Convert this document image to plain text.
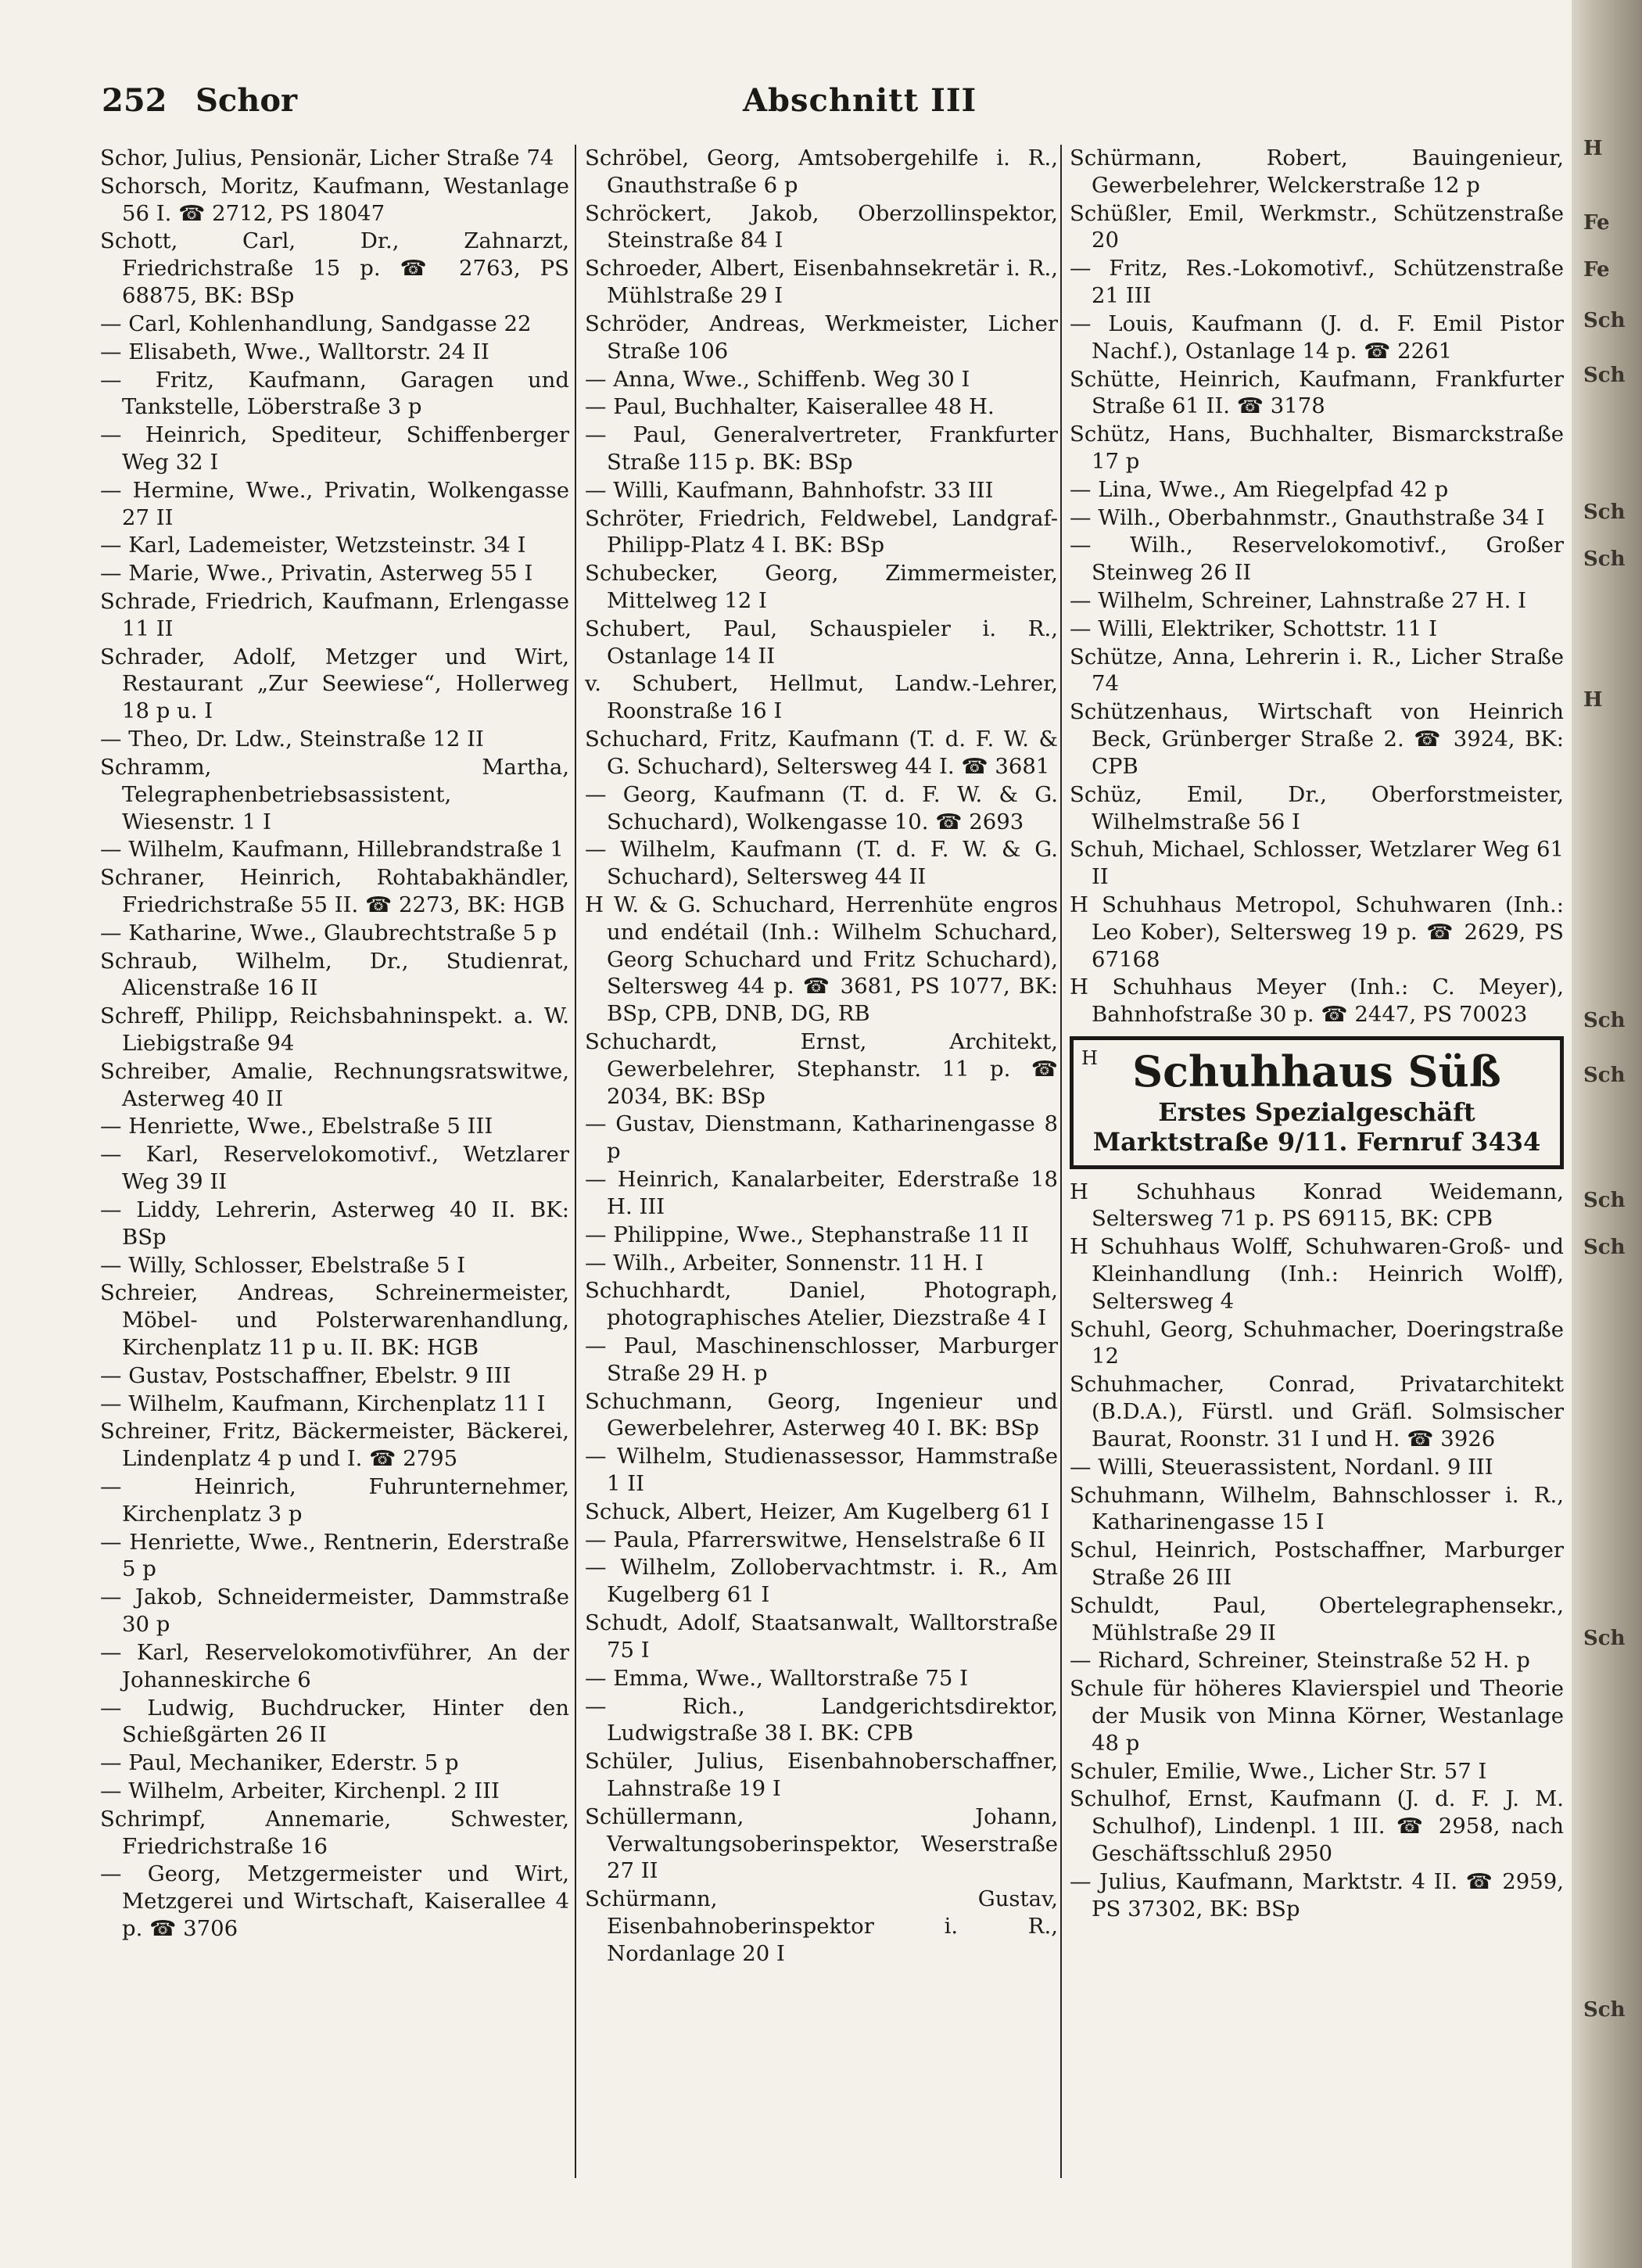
252 Schor	Abschnitt III
Schor, Julius, Pensionär, Licher Straße 74
Schorsch, Moritz, Kaufmann, Westanlage 56 I. ☎ 2712, PS 18047
Schott, Carl, Dr., Zahnarzt, Friedrichstraße 15 p. ☎ 2763, PS 68875, BK: BSp
— Carl, Kohlenhandlung, Sandgasse 22
— Elisabeth, Wwe., Walltorstr. 24 II
— Fritz, Kaufmann, Garagen und Tankstelle, Löberstraße 3 p
— Heinrich, Spediteur, Schiffenberger Weg 32 I
— Hermine, Wwe., Privatin, Wolkengasse 27 II
— Karl, Lademeister, Wetzsteinstr. 34 I
— Marie, Wwe., Privatin, Asterweg 55 I
Schrade, Friedrich, Kaufmann, Erlengasse 11 II
Schrader, Adolf, Metzger und Wirt, Restaurant „Zur Seewiese“, Hollerweg 18 p u. I
— Theo, Dr. Ldw., Steinstraße 12 II
Schramm, Martha, Telegraphenbetriebsassistent, Wiesenstr. 1 I
— Wilhelm, Kaufmann, Hillebrandstraße 1
Schraner, Heinrich, Rohtabakhändler, Friedrichstraße 55 II. ☎ 2273, BK: HGB
— Katharine, Wwe., Glaubrechtstraße 5 p
Schraub, Wilhelm, Dr., Studienrat, Alicenstraße 16 II
Schreff, Philipp, Reichsbahninspekt. a. W. Liebigstraße 94
Schreiber, Amalie, Rechnungsratswitwe, Asterweg 40 II
— Henriette, Wwe., Ebelstraße 5 III
— Karl, Reservelokomotivf., Wetzlarer Weg 39 II
— Liddy, Lehrerin, Asterweg 40 II. BK: BSp
— Willy, Schlosser, Ebelstraße 5 I
Schreier, Andreas, Schreinermeister, Möbel- und Polsterwarenhandlung, Kirchenplatz 11 p u. II. BK: HGB
— Gustav, Postschaffner, Ebelstr. 9 III
— Wilhelm, Kaufmann, Kirchenplatz 11 I
Schreiner, Fritz, Bäckermeister, Bäckerei, Lindenplatz 4 p und I. ☎ 2795
— Heinrich, Fuhrunternehmer, Kirchenplatz 3 p
— Henriette, Wwe., Rentnerin, Ederstraße 5 p
— Jakob, Schneidermeister, Dammstraße 30 p
— Karl, Reservelokomotivführer, An der Johanneskirche 6
— Ludwig, Buchdrucker, Hinter den Schießgärten 26 II
— Paul, Mechaniker, Ederstr. 5 p
— Wilhelm, Arbeiter, Kirchenpl. 2 III
Schrimpf, Annemarie, Schwester, Friedrichstraße 16
— Georg, Metzgermeister und Wirt, Metzgerei und Wirtschaft, Kaiserallee 4 p. ☎ 3706
Schröbel, Georg, Amtsobergehilfe i. R., Gnauthstraße 6 p
Schröckert, Jakob, Oberzollinspektor, Steinstraße 84 I
Schroeder, Albert, Eisenbahnsekretär i. R., Mühlstraße 29 I
Schröder, Andreas, Werkmeister, Licher Straße 106
— Anna, Wwe., Schiffenb. Weg 30 I
— Paul, Buchhalter, Kaiserallee 48 H.
— Paul, Generalvertreter, Frankfurter Straße 115 p. BK: BSp
— Willi, Kaufmann, Bahnhofstr. 33 III
Schröter, Friedrich, Feldwebel, Landgraf-Philipp-Platz 4 I. BK: BSp
Schubecker, Georg, Zimmermeister, Mittelweg 12 I
Schubert, Paul, Schauspieler i. R., Ostanlage 14 II
v. Schubert, Hellmut, Landw.-Lehrer, Roonstraße 16 I
Schuchard, Fritz, Kaufmann (T. d. F. W. & G. Schuchard), Seltersweg 44 I. ☎ 3681
— Georg, Kaufmann (T. d. F. W. & G. Schuchard), Wolkengasse 10. ☎ 2693
— Wilhelm, Kaufmann (T. d. F. W. & G. Schuchard), Seltersweg 44 II
H W. & G. Schuchard, Herrenhüte engros und endétail (Inh.: Wilhelm Schuchard, Georg Schuchard und Fritz Schuchard), Seltersweg 44 p. ☎ 3681, PS 1077, BK: BSp, CPB, DNB, DG, RB
Schuchardt, Ernst, Architekt, Gewerbelehrer, Stephanstr. 11 p. ☎ 2034, BK: BSp
— Gustav, Dienstmann, Katharinengasse 8 p
— Heinrich, Kanalarbeiter, Ederstraße 18 H. III
— Philippine, Wwe., Stephanstraße 11 II
— Wilh., Arbeiter, Sonnenstr. 11 H. I
Schuchhardt, Daniel, Photograph, photographisches Atelier, Diezstraße 4 I
— Paul, Maschinenschlosser, Marburger Straße 29 H. p
Schuchmann, Georg, Ingenieur und Gewerbelehrer, Asterweg 40 I. BK: BSp
— Wilhelm, Studienassessor, Hammstraße 1 II
Schuck, Albert, Heizer, Am Kugelberg 61 I
— Paula, Pfarrerswitwe, Henselstraße 6 II
— Wilhelm, Zollobervachtmstr. i. R., Am Kugelberg 61 I
Schudt, Adolf, Staatsanwalt, Walltorstraße 75 I
— Emma, Wwe., Walltorstraße 75 I
— Rich., Landgerichtsdirektor, Ludwigstraße 38 I. BK: CPB
Schüler, Julius, Eisenbahnoberschaffner, Lahnstraße 19 I
Schüllermann, Johann, Verwaltungsoberinspektor, Weserstraße 27 II
Schürmann, Gustav, Eisenbahnoberinspektor i. R., Nordanlage 20 I
Schürmann, Robert, Bauingenieur, Gewerbelehrer, Welckerstraße 12 p
Schüßler, Emil, Werkmstr., Schützenstraße 20
— Fritz, Res.-Lokomotivf., Schützenstraße 21 III
— Louis, Kaufmann (J. d. F. Emil Pistor Nachf.), Ostanlage 14 p. ☎ 2261
Schütte, Heinrich, Kaufmann, Frankfurter Straße 61 II. ☎ 3178
Schütz, Hans, Buchhalter, Bismarckstraße 17 p
— Lina, Wwe., Am Riegelpfad 42 p
— Wilh., Oberbahnmstr., Gnauthstraße 34 I
— Wilh., Reservelokomotivf., Großer Steinweg 26 II
— Wilhelm, Schreiner, Lahnstraße 27 H. I
— Willi, Elektriker, Schottstr. 11 I
Schütze, Anna, Lehrerin i. R., Licher Straße 74
Schützenhaus, Wirtschaft von Heinrich Beck, Grünberger Straße 2. ☎ 3924, BK: CPB
Schüz, Emil, Dr., Oberforstmeister, Wilhelmstraße 56 I
Schuh, Michael, Schlosser, Wetzlarer Weg 61 II
H Schuhhaus Metropol, Schuhwaren (Inh.: Leo Kober), Seltersweg 19 p. ☎ 2629, PS 67168
H Schuhhaus Meyer (Inh.: C. Meyer), Bahnhofstraße 30 p. ☎ 2447, PS 70023
H Schuhhaus Süß
Erstes Spezialgeschäft
Marktstraße 9/11. Fernruf 3434
H Schuhhaus Konrad Weidemann, Seltersweg 71 p. PS 69115, BK: CPB
H Schuhhaus Wolff, Schuhwaren-Groß- und Kleinhandlung (Inh.: Heinrich Wolff), Seltersweg 4
Schuhl, Georg, Schuhmacher, Doeringstraße 12
Schuhmacher, Conrad, Privatarchitekt (B.D.A.), Fürstl. und Gräfl. Solmsischer Baurat, Roonstr. 31 I und H. ☎ 3926
— Willi, Steuerassistent, Nordanl. 9 III
Schuhmann, Wilhelm, Bahnschlosser i. R., Katharinengasse 15 I
Schul, Heinrich, Postschaffner, Marburger Straße 26 III
Schuldt, Paul, Obertelegraphensekr., Mühlstraße 29 II
— Richard, Schreiner, Steinstraße 52 H. p
Schule für höheres Klavierspiel und Theorie der Musik von Minna Körner, Westanlage 48 p
Schuler, Emilie, Wwe., Licher Str. 57 I
Schulhof, Ernst, Kaufmann (J. d. F. J. M. Schulhof), Lindenpl. 1 III. ☎ 2958, nach Geschäftsschluß 2950
— Julius, Kaufmann, Marktstr. 4 II. ☎ 2959, PS 37302, BK: BSp
H
Fe
Fe
Sch
Sch
Sch
Sch
H
Sch
Sch
Sch
Sch
Sch
Sch
